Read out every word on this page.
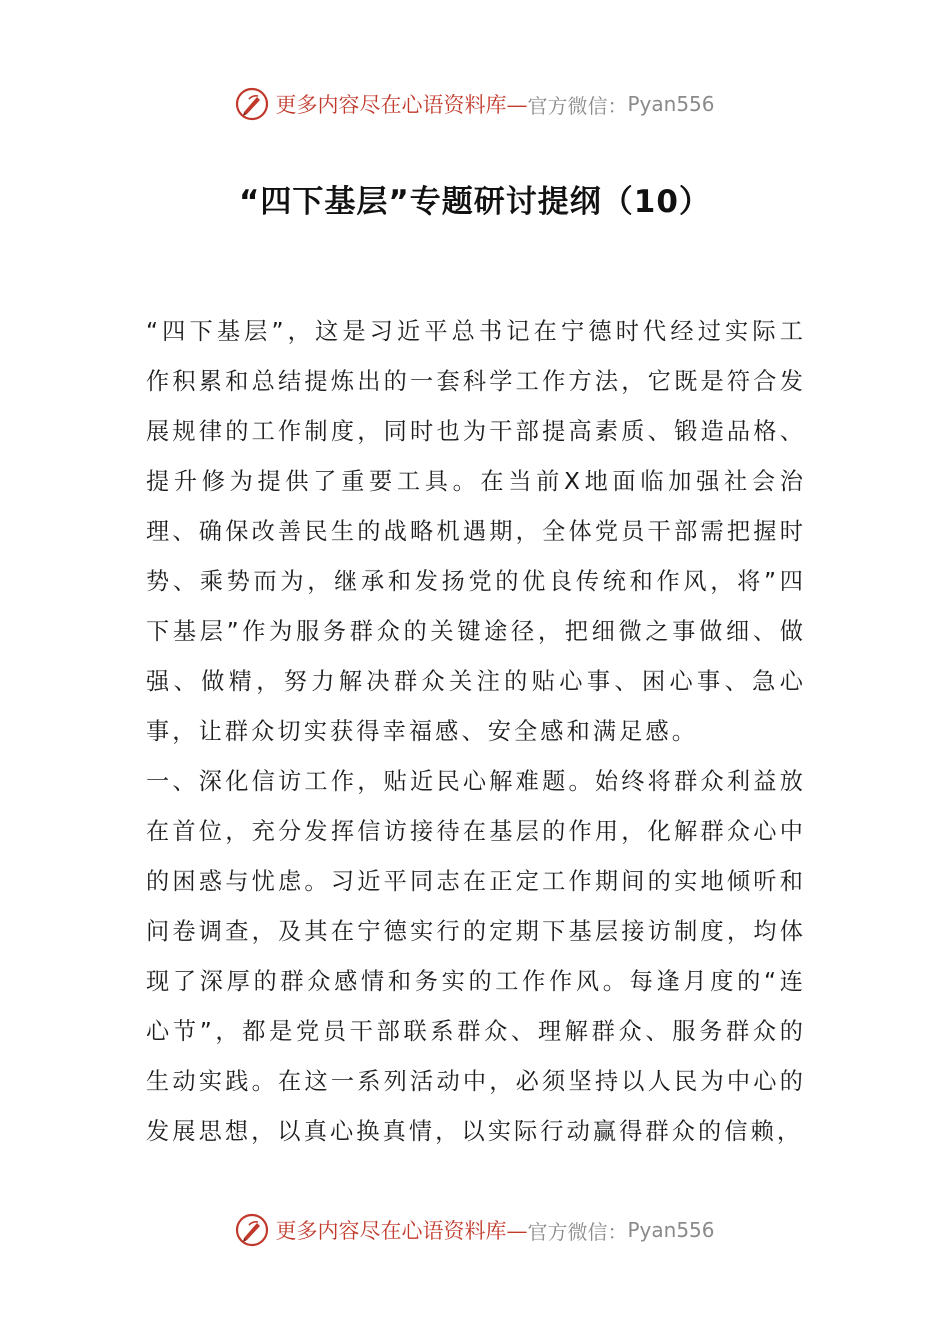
更多内容尽在心语资料库— 官方微信： Pyan556
“四下基层”专题研讨提纲（10）

“四下基层”，这是习近平总书记在宁德时代经过实际工作积累和总结提炼出的一套科学工作方法，它既是符合发展规律的工作制度，同时也为干部提高素质、锻造品格、提升修为提供了重要工具。在当前X地面临加强社会治理、确保改善民生的战略机遇期，全体党员干部需把握时势、乘势而为，继承和发扬党的优良传统和作风，将”四下基层”作为服务群众的关键途径，把细微之事做细、做强、做精，努力解决群众关注的贴心事、困心事、急心事，让群众切实获得幸福感、安全感和满足感。

一、深化信访工作，贴近民心解难题。始终将群众利益放在首位，充分发挥信访接待在基层的作用，化解群众心中的困惑与忧虑。习近平同志在正定工作期间的实地倾听和问卷调查，及其在宁德实行的定期下基层接访制度，均体现了深厚的群众感情和务实的工作作风。每逢月度的“连心节”，都是党员干部联系群众、理解群众、服务群众的生动实践。在这一系列活动中，必须坚持以人民为中心的发展思想，以真心换真情，以实际行动赢得群众的信赖，

更多内容尽在心语资料库— 官方微信： Pyan556
